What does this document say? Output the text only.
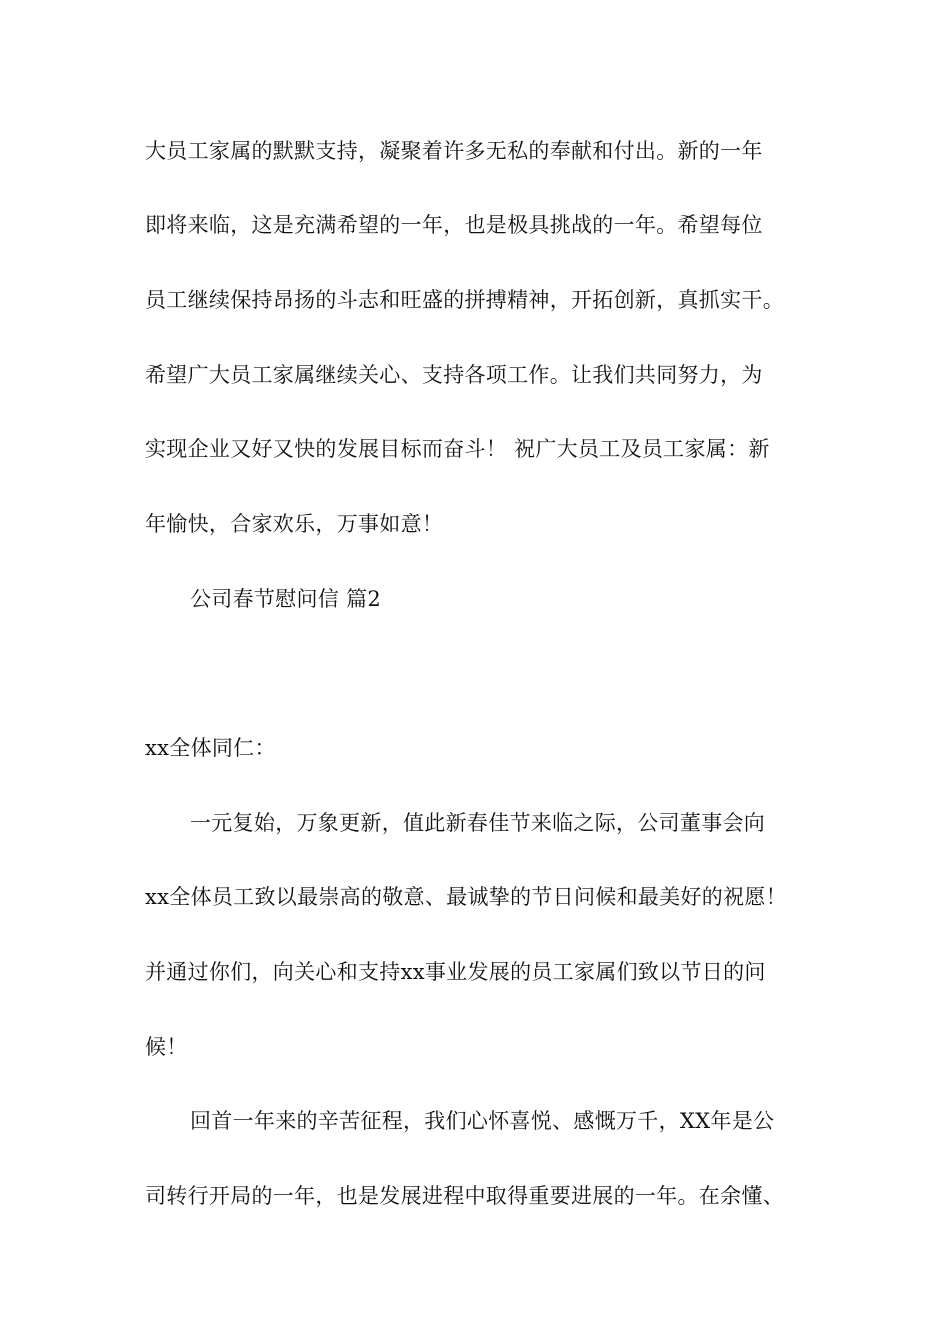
大员工家属的默默支持，凝聚着许多无私的奉献和付出。新的一年
即将来临，这是充满希望的一年，也是极具挑战的一年。希望每位
员工继续保持昂扬的斗志和旺盛的拼搏精神，开拓创新，真抓实干。
希望广大员工家属继续关心、支持各项工作。让我们共同努力，为
实现企业又好又快的发展目标而奋斗！ 祝广大员工及员工家属：新
年愉快，合家欢乐，万事如意！
公司春节慰问信 篇2
xx全体同仁：
一元复始，万象更新，值此新春佳节来临之际，公司董事会向
xx全体员工致以最崇高的敬意、最诚挚的节日问候和最美好的祝愿！
并通过你们，向关心和支持xx事业发展的员工家属们致以节日的问
候！
回首一年来的辛苦征程，我们心怀喜悦、感慨万千，XX年是公
司转行开局的一年，也是发展进程中取得重要进展的一年。在余懂、
